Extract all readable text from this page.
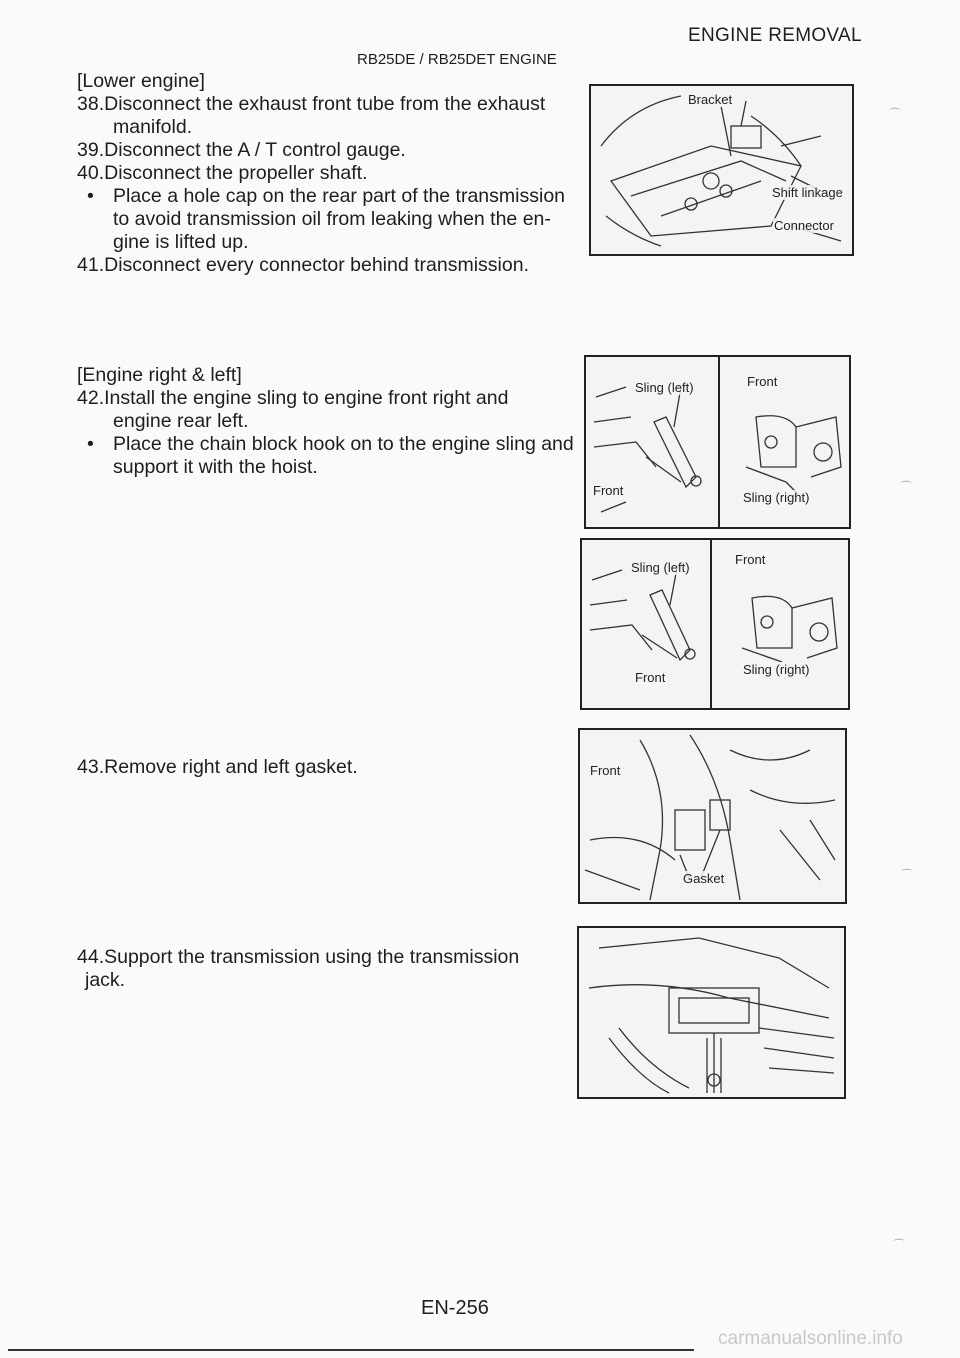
ENGINE REMOVAL
RB25DE / RB25DET ENGINE
[Lower engine]
38.Disconnect the exhaust front tube from the exhaust
manifold.
39.Disconnect the A / T control gauge.
40.Disconnect the propeller shaft.
• Place a hole cap on the rear part of the transmission
to avoid transmission oil from leaking when the en-
gine is lifted up.
41.Disconnect every connector behind transmission.
[Engine right & left]
42.Install the engine sling to engine front right and
engine rear left.
• Place the chain block hook on to the engine sling and
support it with the hoist.
43.Remove right and left gasket.
44.Support the transmission using the transmission
jack.
Bracket
Shift linkage
Connector
Sling (left)
Front
Front
Sling (right)
Sling (left)
Front
Front
Sling (right)
Front
Gasket
⌒
⌒
⌒
⌒
EN-256
carmanualsonline.info
